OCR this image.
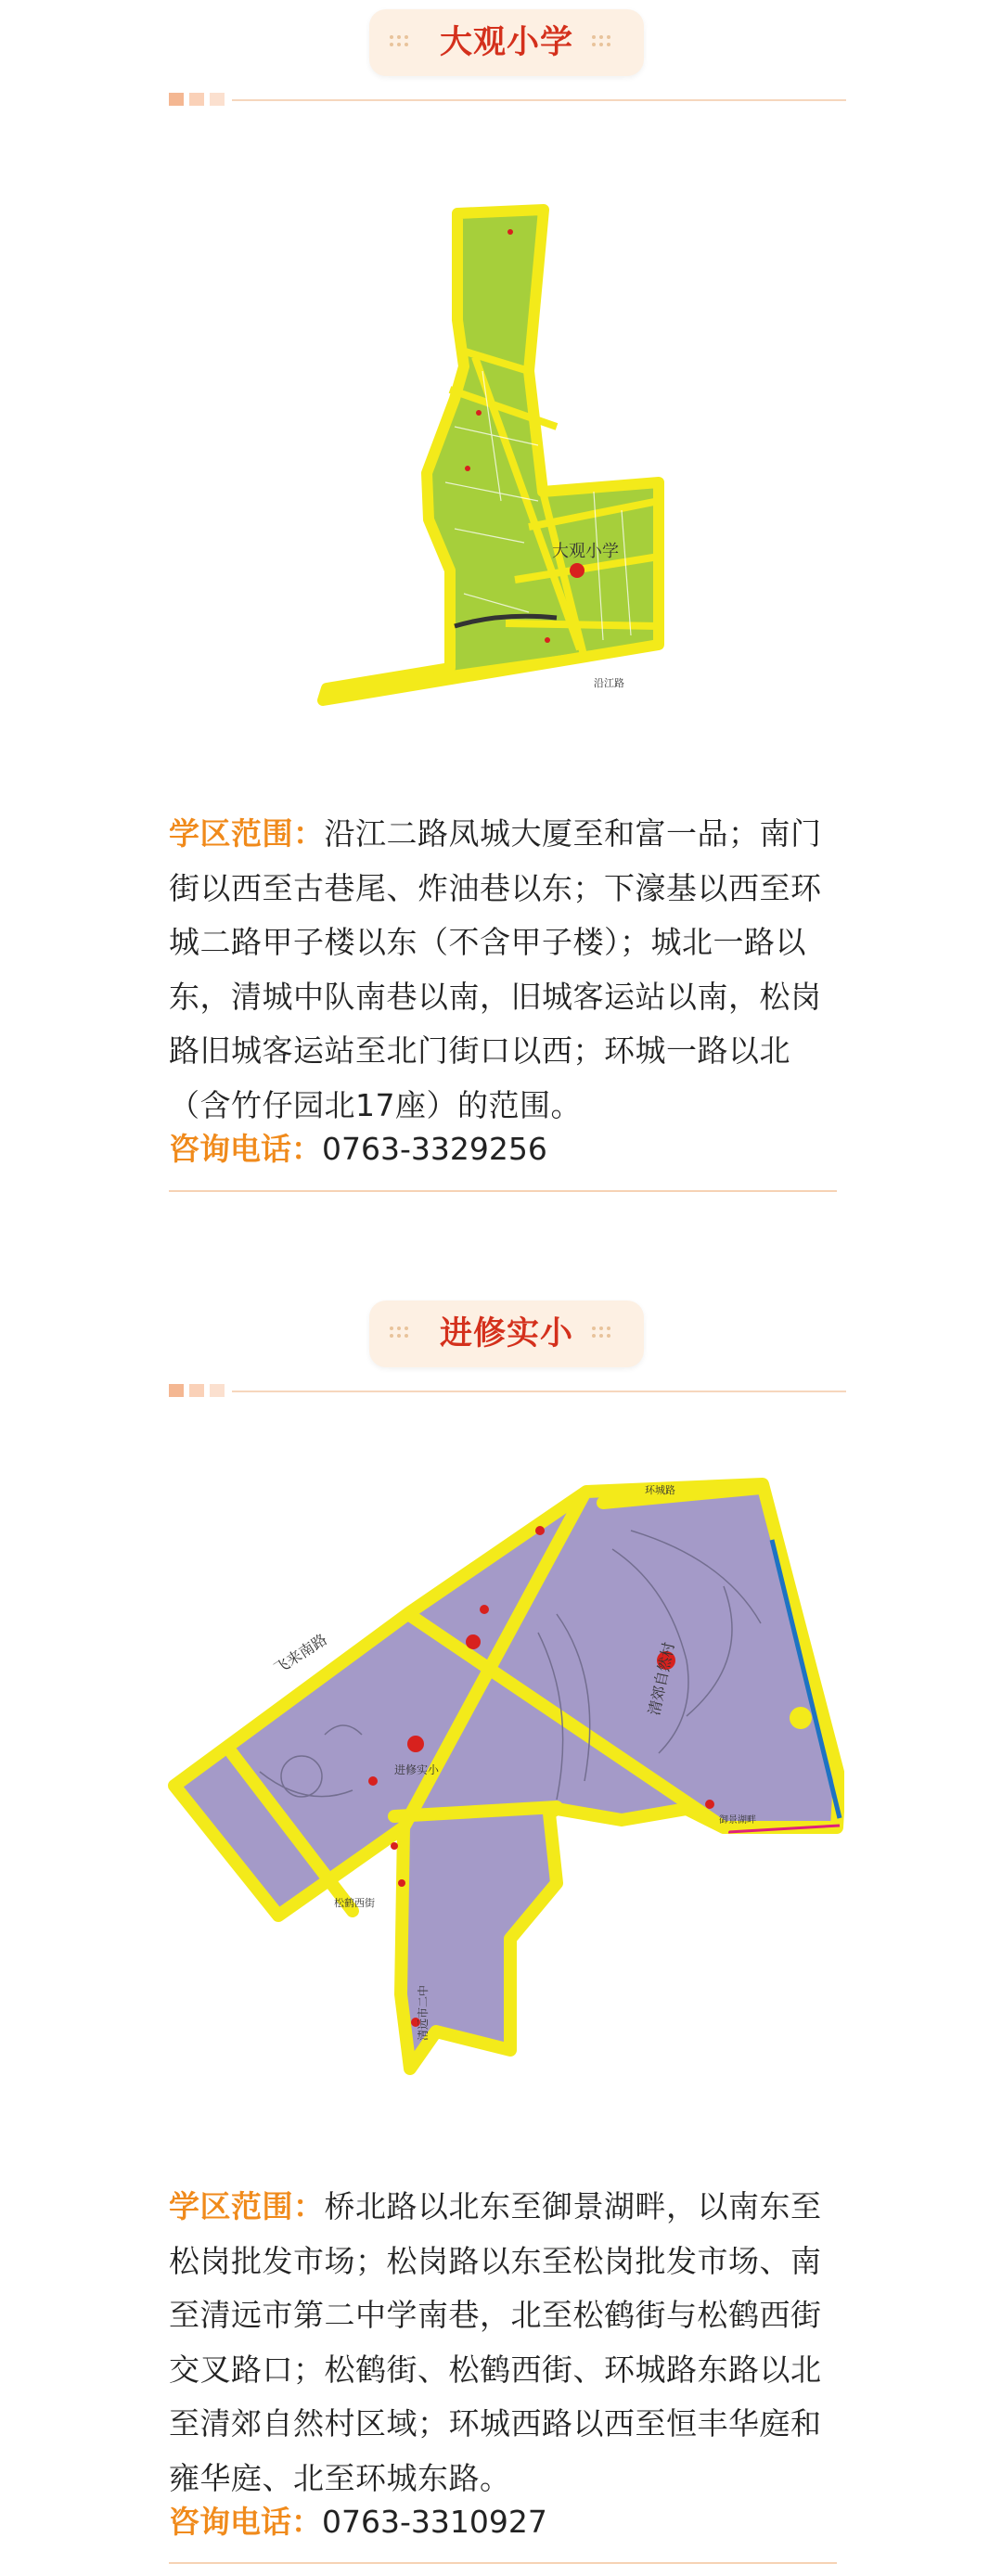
大观小学
大观小学
沿江路
学区范围：沿江二路凤城大厦至和富一品；南门街以西至古巷尾、炸油巷以东；下濠基以西至环城二路甲子楼以东（不含甲子楼）；城北一路以东，清城中队南巷以南，旧城客运站以南，松岗路旧城客运站至北门街口以西；环城一路以北（含竹仔园北17座）的范围。
咨询电话：0763-3329256
进修实小
飞来南路
环城路
进修实小
清郊自然村
清远市二中
松鹤西街
御景湖畔
学区范围：桥北路以北东至御景湖畔，以南东至松岗批发市场；松岗路以东至松岗批发市场、南至清远市第二中学南巷，北至松鹤街与松鹤西街交叉路口；松鹤街、松鹤西街、环城路东路以北至清郊自然村区域；环城西路以西至恒丰华庭和雍华庭、北至环城东路。
咨询电话：0763-3310927
